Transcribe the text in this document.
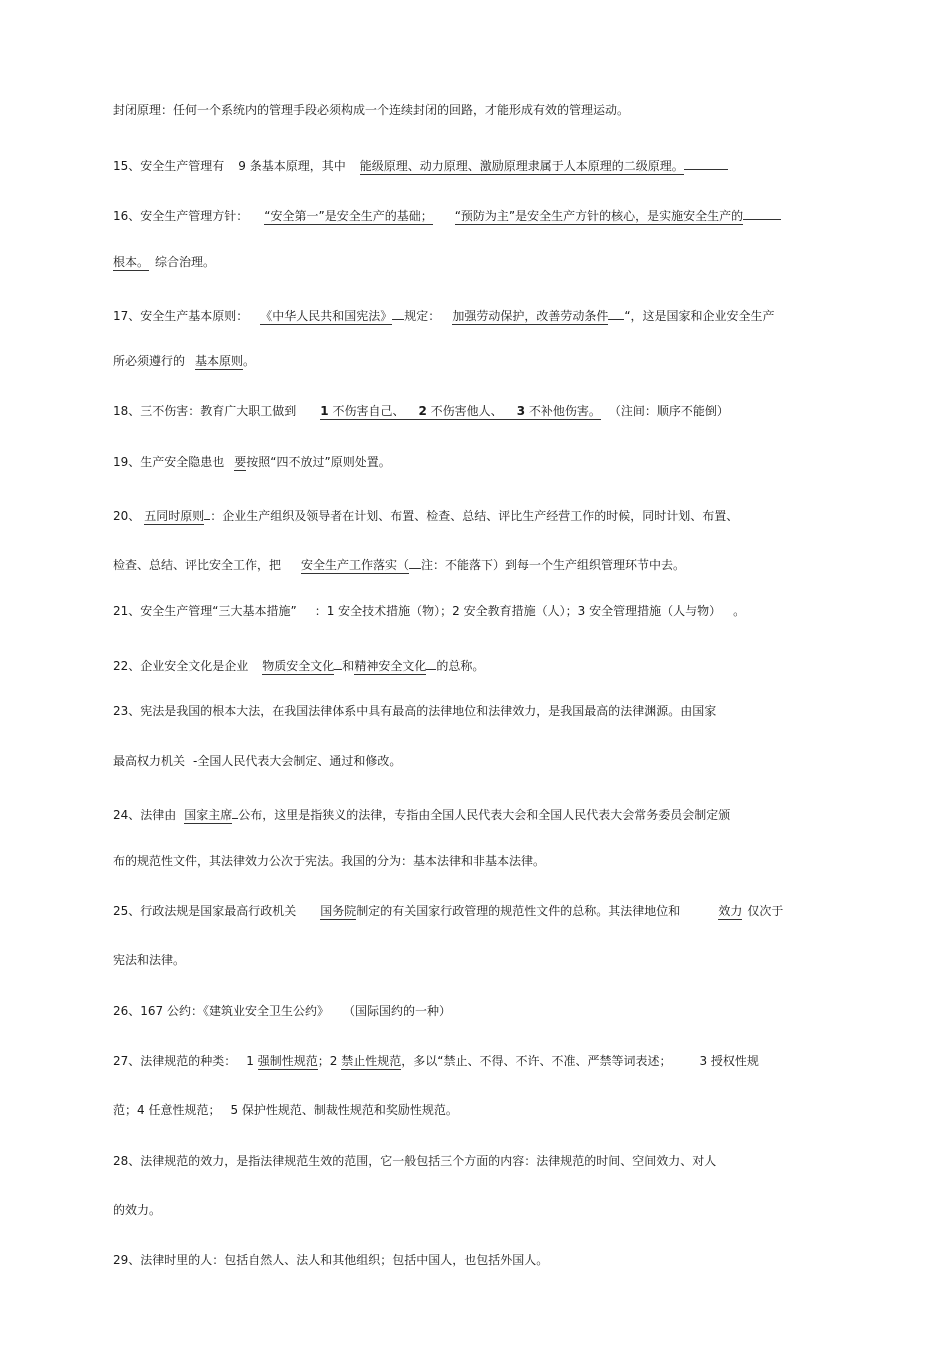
封闭原理：任何一个系统内的管理手段必须构成一个连续封闭的回路，才能形成有效的管理运动。
15、安全生产管理有 9 条基本原理，其中 能级原理、动力原理、激励原理隶属于人本原理的二级原理。
16、安全生产管理方针： “安全第一”是安全生产的基础； “预防为主”是安全生产方针的核心，是实施安全生产的
根本。 综合治理。
17、安全生产基本原则： 《中华人民共和国宪法》 规定： 加强劳动保护，改善劳动条件 “，这是国家和企业安全生产
所必须遵行的 基本原则。
18、三不伤害：教育广大职工做到 1 不伤害自己、 2 不伤害他人、 3 不补他伤害。 （注间：顺序不能倒）
19、生产安全隐患也 要按照“四不放过”原则处置。
20、 五同时原则 ：企业生产组织及领导者在计划、布置、检查、总结、评比生产经营工作的时候，同时计划、布置、
检查、总结、评比安全工作，把 安全生产工作落实（ 注：不能落下）到每一个生产组织管理环节中去。
21、安全生产管理“三大基本措施” ：1 安全技术措施（物）；2 安全教育措施（人）；3 安全管理措施（人与物） 。
22、企业安全文化是企业 物质安全文化 和精神安全文化 的总称。
23、宪法是我国的根本大法，在我国法律体系中具有最高的法律地位和法律效力，是我国最高的法律渊源。由国家
最高权力机关 -全国人民代表大会制定、通过和修改。
24、法律由 国家主席 公布，这里是指狭义的法律，专指由全国人民代表大会和全国人民代表大会常务委员会制定颁
布的规范性文件，其法律效力公次于宪法。我国的分为：基本法律和非基本法律。
25、行政法规是国家最高行政机关 国务院制定的有关国家行政管理的规范性文件的总称。其法律地位和	效力 仅次于
宪法和法律。
26、167 公约：《建筑业安全卫生公约》 （国际国约的一种）
27、法律规范的种类： 1 强制性规范；2 禁止性规范，多以“禁止、不得、不许、不准、严禁等词表述； 3 授权性规
范；4 任意性规范； 5 保护性规范、制裁性规范和奖励性规范。
28、法律规范的效力，是指法律规范生效的范围，它一般包括三个方面的内容：法律规范的时间、空间效力、对人
的效力。
29、法律时里的人：包括自然人、法人和其他组织；包括中国人，也包括外国人。
